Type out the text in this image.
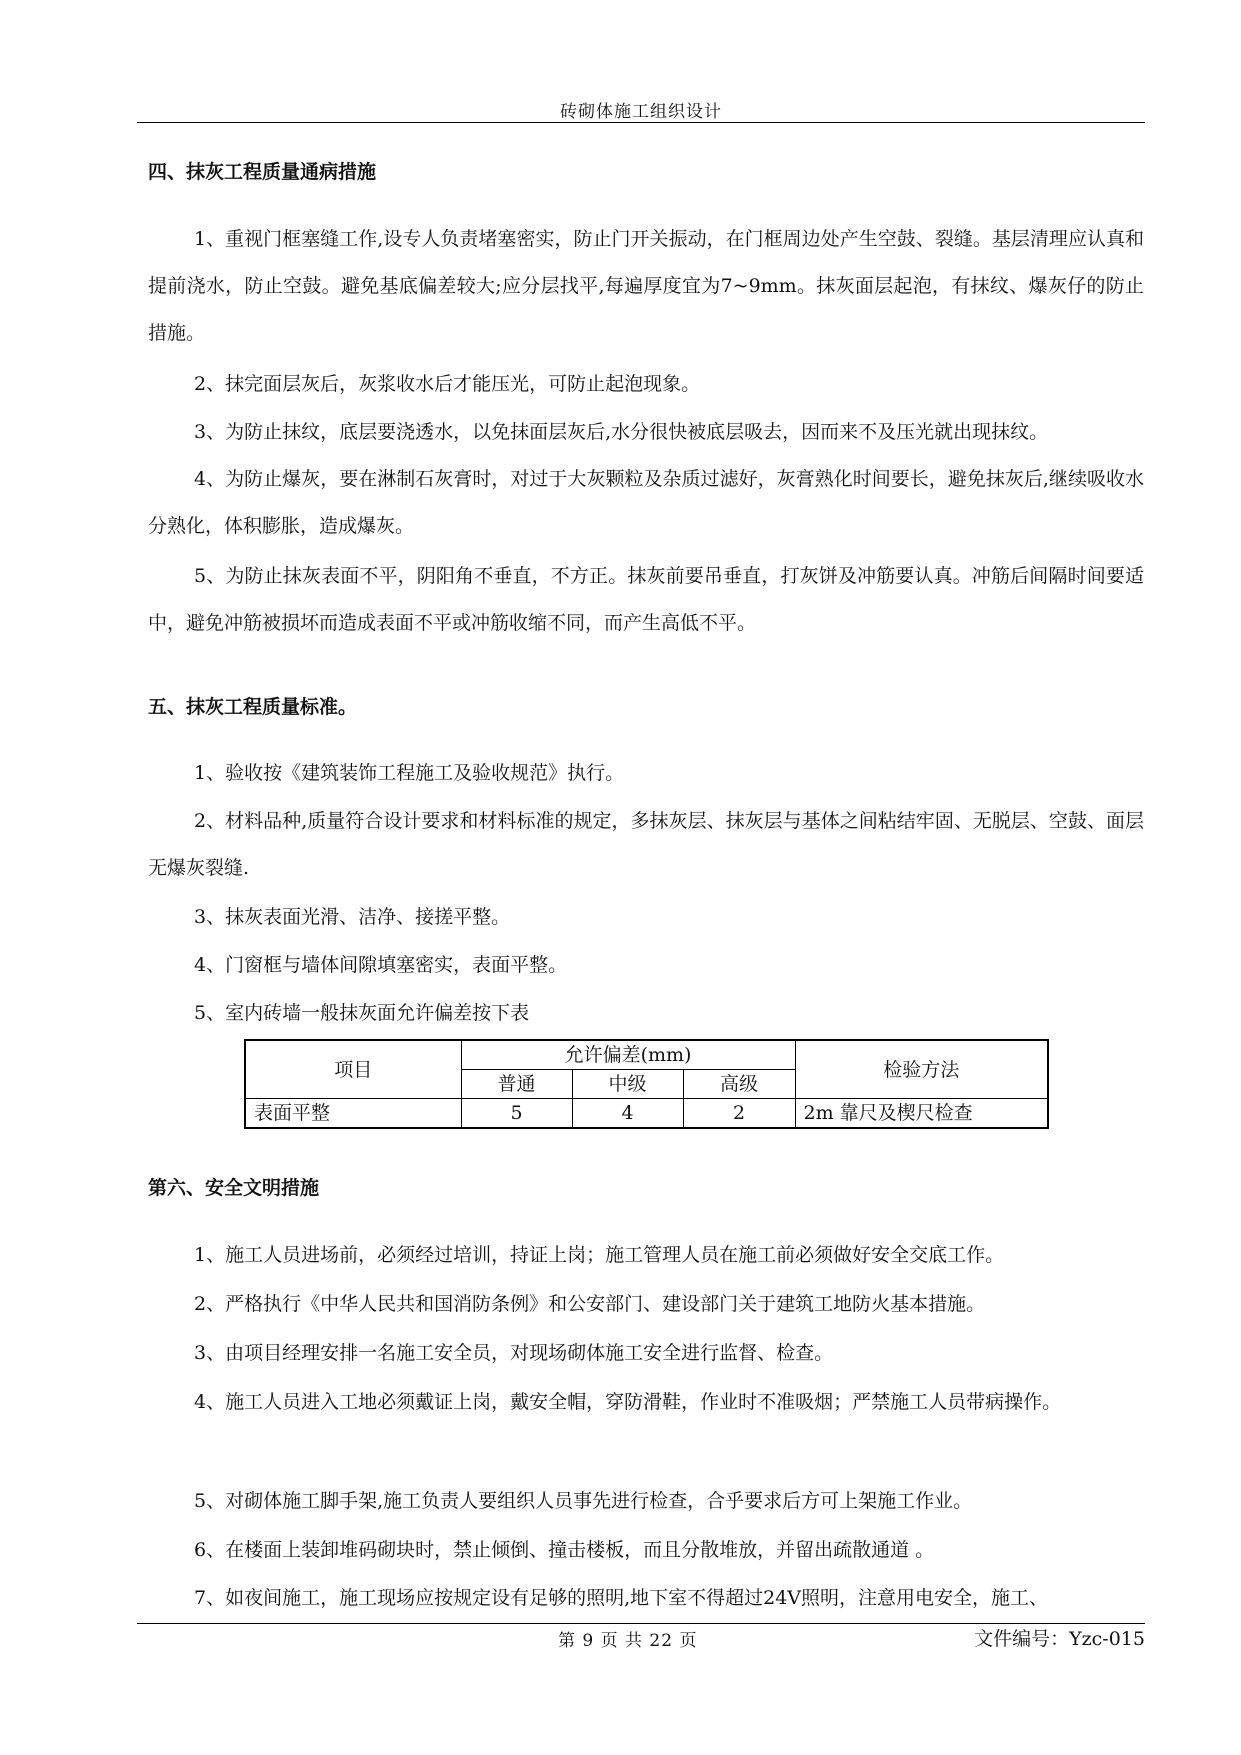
砖砌体施工组织设计
四、抹灰工程质量通病措施
1、重视门框塞缝工作,设专人负责堵塞密实，防止门开关振动，在门框周边处产生空鼓、裂缝。基层清理应认真和提前浇水，防止空鼓。避免基底偏差较大;应分层找平,每遍厚度宜为7~9mm。抹灰面层起泡，有抹纹、爆灰仔的防止措施。
2、抹完面层灰后，灰浆收水后才能压光，可防止起泡现象。
3、为防止抹纹，底层要浇透水，以免抹面层灰后,水分很快被底层吸去，因而来不及压光就出现抹纹。
4、为防止爆灰，要在淋制石灰膏时，对过于大灰颗粒及杂质过滤好，灰膏熟化时间要长，避免抹灰后,继续吸收水分熟化，体积膨胀，造成爆灰。
5、为防止抹灰表面不平，阴阳角不垂直，不方正。抹灰前要吊垂直，打灰饼及冲筋要认真。冲筋后间隔时间要适中，避免冲筋被损坏而造成表面不平或冲筋收缩不同，而产生高低不平。
五、抹灰工程质量标准。
1、验收按《建筑装饰工程施工及验收规范》执行。
2、材料品种,质量符合设计要求和材料标准的规定，多抹灰层、抹灰层与基体之间粘结牢固、无脱层、空鼓、面层无爆灰裂缝.
3、抹灰表面光滑、洁净、接搓平整。
4、门窗框与墙体间隙填塞密实，表面平整。
5、室内砖墙一般抹灰面允许偏差按下表
项目	允许偏差(mm)			检验方法
	普通	中级	高级	
表面平整	5	4	2	2m 靠尺及楔尺检查
第六、安全文明措施
1、施工人员进场前，必须经过培训，持证上岗；施工管理人员在施工前必须做好安全交底工作。
2、严格执行《中华人民共和国消防条例》和公安部门、建设部门关于建筑工地防火基本措施。
3、由项目经理安排一名施工安全员，对现场砌体施工安全进行监督、检查。
4、施工人员进入工地必须戴证上岗，戴安全帽，穿防滑鞋，作业时不准吸烟；严禁施工人员带病操作。
5、对砌体施工脚手架,施工负责人要组织人员事先进行检查，合乎要求后方可上架施工作业。
6、在楼面上装卸堆码砌块时，禁止倾倒、撞击楼板，而且分散堆放，并留出疏散通道 。
7、如夜间施工，施工现场应按规定设有足够的照明,地下室不得超过24V照明，注意用电安全，施工、
第 9 页 共 22 页	文件编号：Yzc-015
